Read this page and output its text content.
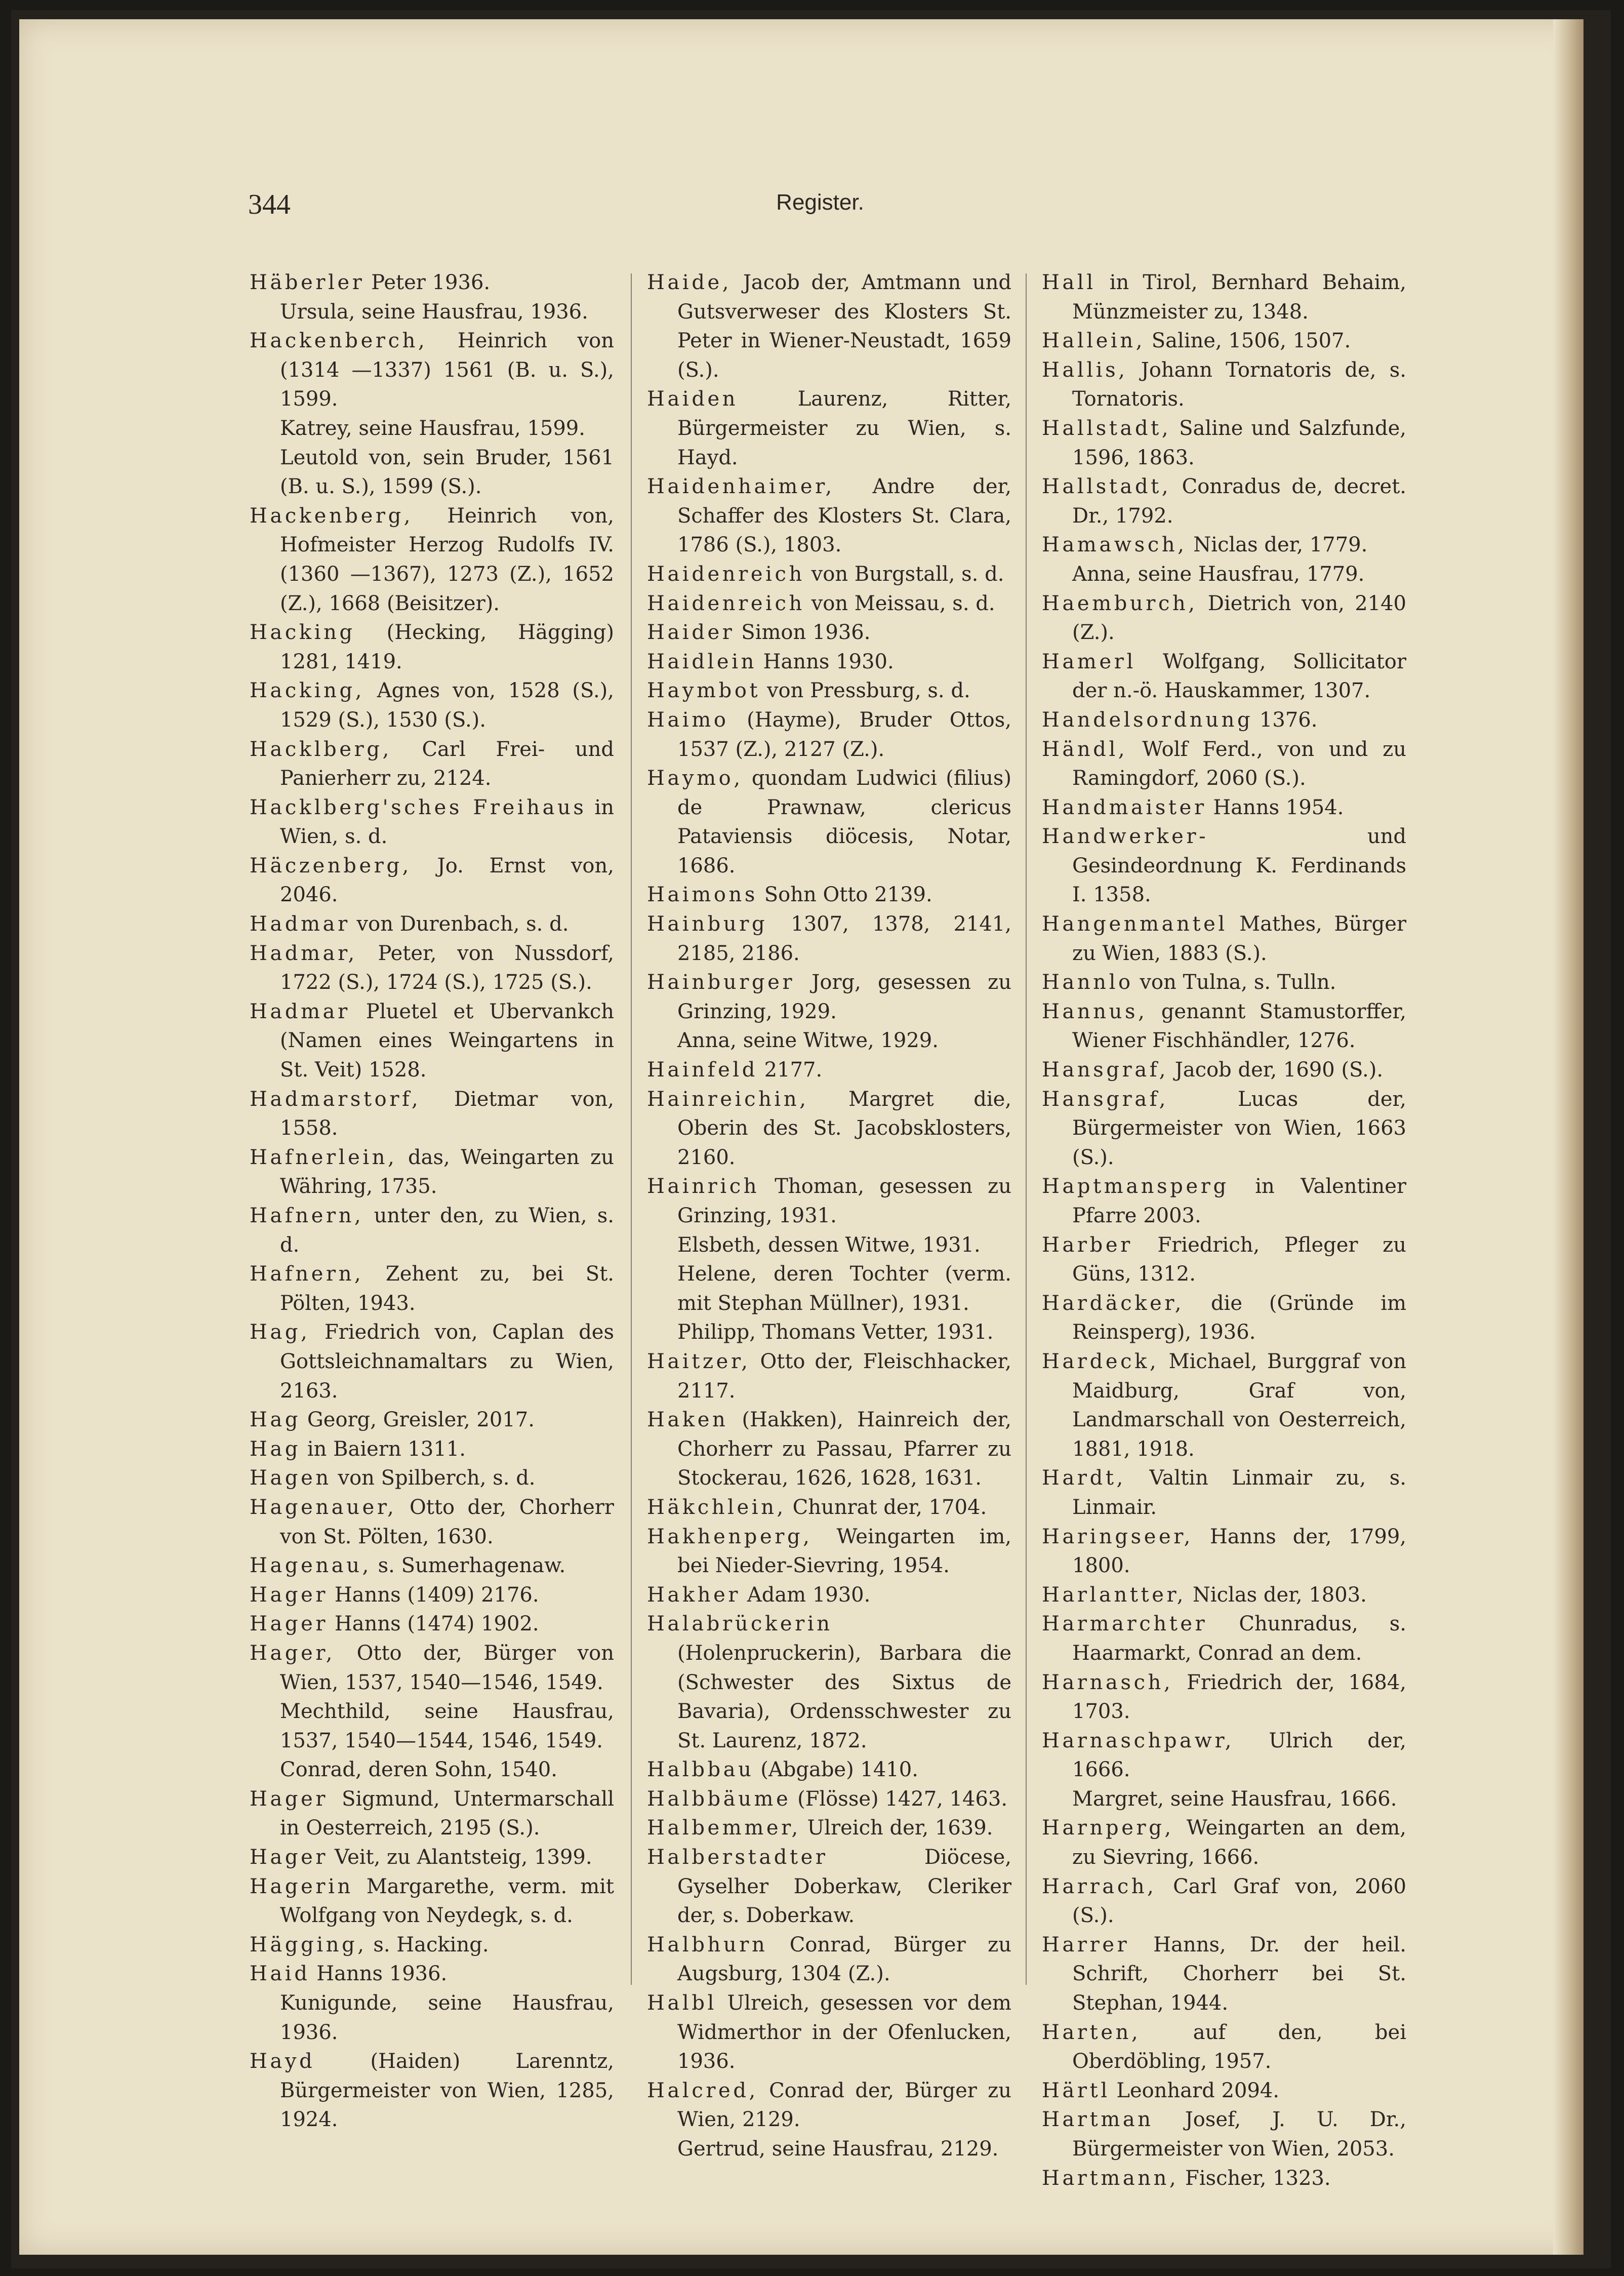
344	Register.

Häberler Peter 1936.

Ursula, seine Hausfrau, 1936.

Hackenberch, Heinrich von (1314 —1337) 1561 (B. u. S.), 1599.

Katrey, seine Hausfrau, 1599.

Leutold von, sein Bruder, 1561 (B. u. S.), 1599 (S.).

Hackenberg, Heinrich von, Hofmeister Herzog Rudolfs IV. (1360 —1367), 1273 (Z.), 1652 (Z.), 1668 (Beisitzer).

Hacking (Hecking, Hägging) 1281, 1419.

Hacking, Agnes von, 1528 (S.), 1529 (S.), 1530 (S.).

Hacklberg, Carl Frei- und Panierherr zu, 2124.

Hacklberg'sches Freihaus in Wien, s. d.

Häczenberg, Jo. Ernst von, 2046.

Hadmar von Durenbach, s. d.

Hadmar, Peter, von Nussdorf, 1722 (S.), 1724 (S.), 1725 (S.).

Hadmar Pluetel et Ubervankch (Namen eines Weingartens in St. Veit) 1528.

Hadmarstorf, Dietmar von, 1558.

Hafnerlein, das, Weingarten zu Währing, 1735.

Hafnern, unter den, zu Wien, s. d.

Hafnern, Zehent zu, bei St. Pölten, 1943.

Hag, Friedrich von, Caplan des Gottsleichnamaltars zu Wien, 2163.

Hag Georg, Greisler, 2017.

Hag in Baiern 1311.

Hagen von Spilberch, s. d.

Hagenauer, Otto der, Chorherr von St. Pölten, 1630.

Hagenau, s. Sumerhagenaw.

Hager Hanns (1409) 2176.

Hager Hanns (1474) 1902.

Hager, Otto der, Bürger von Wien, 1537, 1540—1546, 1549.

Mechthild, seine Hausfrau, 1537, 1540—1544, 1546, 1549.

Conrad, deren Sohn, 1540.

Hager Sigmund, Untermarschall in Oesterreich, 2195 (S.).

Hager Veit, zu Alantsteig, 1399.

Hagerin Margarethe, verm. mit Wolfgang von Neydegk, s. d.

Hägging, s. Hacking.

Haid Hanns 1936.

Kunigunde, seine Hausfrau, 1936.

Hayd (Haiden) Larenntz, Bürgermeister von Wien, 1285, 1924.

Haide, Jacob der, Amtmann und Gutsverweser des Klosters St. Peter in Wiener-Neustadt, 1659 (S.).

Haiden Laurenz, Ritter, Bürgermeister zu Wien, s. Hayd.

Haidenhaimer, Andre der, Schaffer des Klosters St. Clara, 1786 (S.), 1803.

Haidenreich von Burgstall, s. d.

Haidenreich von Meissau, s. d.

Haider Simon 1936.

Haidlein Hanns 1930.

Haymbot von Pressburg, s. d.

Haimo (Hayme), Bruder Ottos, 1537 (Z.), 2127 (Z.).

Haymo, quondam Ludwici (filius) de Prawnaw, clericus Pataviensis diöcesis, Notar, 1686.

Haimons Sohn Otto 2139.

Hainburg 1307, 1378, 2141, 2185, 2186.

Hainburger Jorg, gesessen zu Grinzing, 1929.

Anna, seine Witwe, 1929.

Hainfeld 2177.

Hainreichin, Margret die, Oberin des St. Jacobsklosters, 2160.

Hainrich Thoman, gesessen zu Grinzing, 1931.

Elsbeth, dessen Witwe, 1931.

Helene, deren Tochter (verm. mit Stephan Müllner), 1931.

Philipp, Thomans Vetter, 1931.

Haitzer, Otto der, Fleischhacker, 2117.

Haken (Hakken), Hainreich der, Chorherr zu Passau, Pfarrer zu Stockerau, 1626, 1628, 1631.

Häkchlein, Chunrat der, 1704.

Hakhenperg, Weingarten im, bei Nieder-Sievring, 1954.

Hakher Adam 1930.

Halabrückerin (Holenpruckerin), Barbara die (Schwester des Sixtus de Bavaria), Ordensschwester zu St. Laurenz, 1872.

Halbbau (Abgabe) 1410.

Halbbäume (Flösse) 1427, 1463.

Halbemmer, Ulreich der, 1639.

Halberstadter Diöcese, Gyselher Doberkaw, Cleriker der, s. Doberkaw.

Halbhurn Conrad, Bürger zu Augsburg, 1304 (Z.).

Halbl Ulreich, gesessen vor dem Widmerthor in der Ofenlucken, 1936.

Halcred, Conrad der, Bürger zu Wien, 2129.

Gertrud, seine Hausfrau, 2129.

Hall in Tirol, Bernhard Behaim, Münzmeister zu, 1348.

Hallein, Saline, 1506, 1507.

Hallis, Johann Tornatoris de, s. Tornatoris.

Hallstadt, Saline und Salzfunde, 1596, 1863.

Hallstadt, Conradus de, decret. Dr., 1792.

Hamawsch, Niclas der, 1779.

Anna, seine Hausfrau, 1779.

Haemburch, Dietrich von, 2140 (Z.).

Hamerl Wolfgang, Sollicitator der n.-ö. Hauskammer, 1307.

Handelsordnung 1376.

Händl, Wolf Ferd., von und zu Ramingdorf, 2060 (S.).

Handmaister Hanns 1954.

Handwerker- und Gesindeordnung K. Ferdinands I. 1358.

Hangenmantel Mathes, Bürger zu Wien, 1883 (S.).

Hannlo von Tulna, s. Tulln.

Hannus, genannt Stamustorffer, Wiener Fischhändler, 1276.

Hansgraf, Jacob der, 1690 (S.).

Hansgraf, Lucas der, Bürgermeister von Wien, 1663 (S.).

Haptmansperg in Valentiner Pfarre 2003.

Harber Friedrich, Pfleger zu Güns, 1312.

Hardäcker, die (Gründe im Reinsperg), 1936.

Hardeck, Michael, Burggraf von Maidburg, Graf von, Landmarschall von Oesterreich, 1881, 1918.

Hardt, Valtin Linmair zu, s. Linmair.

Haringseer, Hanns der, 1799, 1800.

Harlantter, Niclas der, 1803.

Harmarchter Chunradus, s. Haarmarkt, Conrad an dem.

Harnasch, Friedrich der, 1684, 1703.

Harnaschpawr, Ulrich der, 1666.

Margret, seine Hausfrau, 1666.

Harnperg, Weingarten an dem, zu Sievring, 1666.

Harrach, Carl Graf von, 2060 (S.).

Harrer Hanns, Dr. der heil. Schrift, Chorherr bei St. Stephan, 1944.

Harten, auf den, bei Oberdöbling, 1957.

Härtl Leonhard 2094.

Hartman Josef, J. U. Dr., Bürgermeister von Wien, 2053.

Hartmann, Fischer, 1323.
